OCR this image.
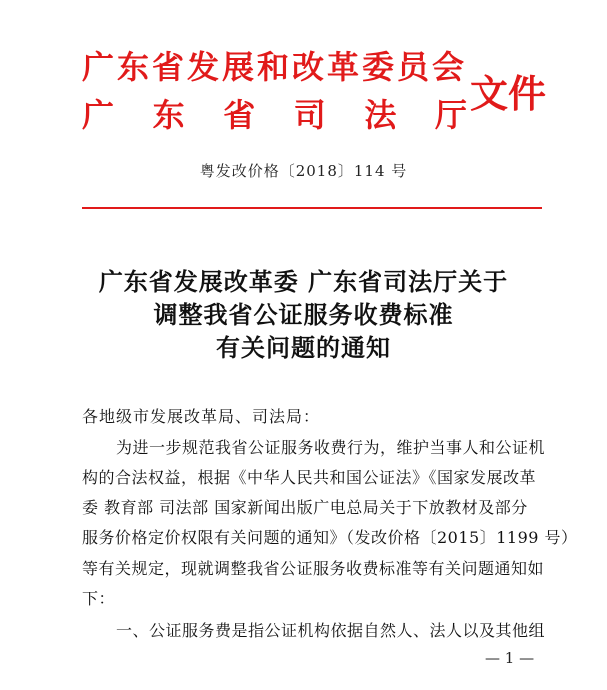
广东省发展和改革委员会
广 东 省 司 法 厅 文件
粤发改价格〔2018〕114 号
广东省发展改革委 广东省司法厅关于
调整我省公证服务收费标准
有关问题的通知
各地级市发展改革局、司法局：
为进一步规范我省公证服务收费行为，维护当事人和公证机
构的合法权益，根据《中华人民共和国公证法》《国家发展改革
委 教育部 司法部 国家新闻出版广电总局关于下放教材及部分
服务价格定价权限有关问题的通知》（发改价格〔2015〕1199 号）
等有关规定，现就调整我省公证服务收费标准等有关问题通知如
下：
一、公证服务费是指公证机构依据自然人、法人以及其他组
— 1 —
